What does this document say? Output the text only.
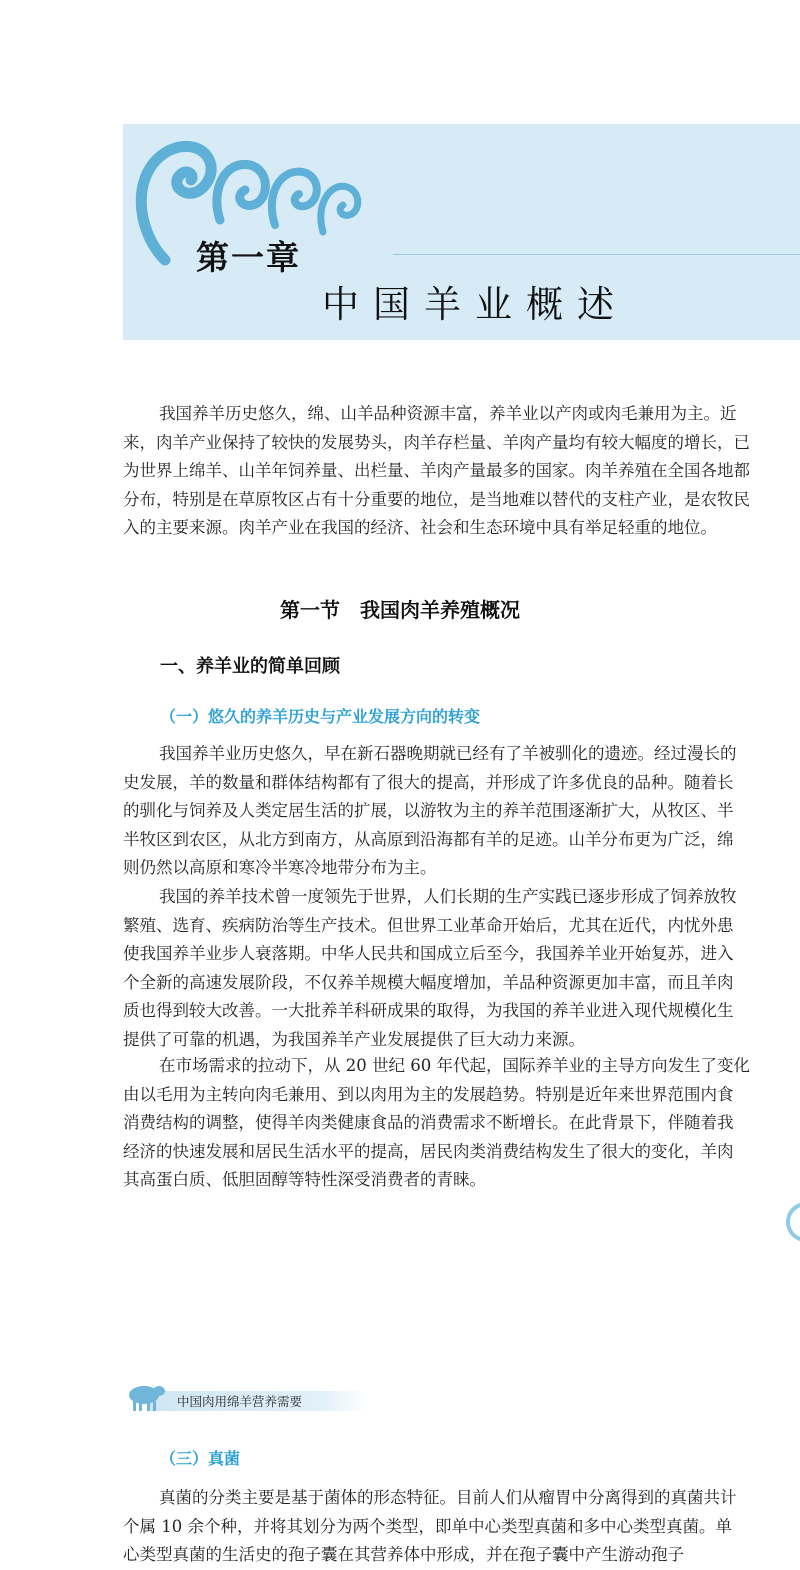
第一章
中国羊业概述

我国养羊历史悠久，绵、山羊品种资源丰富，养羊业以产肉或肉毛兼用为主。近
来，肉羊产业保持了较快的发展势头，肉羊存栏量、羊肉产量均有较大幅度的增长，已
为世界上绵羊、山羊年饲养量、出栏量、羊肉产量最多的国家。肉羊养殖在全国各地都
分布，特别是在草原牧区占有十分重要的地位，是当地难以替代的支柱产业，是农牧民
入的主要来源。肉羊产业在我国的经济、社会和生态环境中具有举足轻重的地位。

第一节　我国肉羊养殖概况
一、养羊业的简单回顾
（一）悠久的养羊历史与产业发展方向的转变

我国养羊业历史悠久，早在新石器晚期就已经有了羊被驯化的遗迹。经过漫长的
史发展，羊的数量和群体结构都有了很大的提高，并形成了许多优良的品种。随着长
的驯化与饲养及人类定居生活的扩展，以游牧为主的养羊范围逐渐扩大，从牧区、半
半牧区到农区，从北方到南方，从高原到沿海都有羊的足迹。山羊分布更为广泛，绵
则仍然以高原和寒冷半寒冷地带分布为主。

我国的养羊技术曾一度领先于世界，人们长期的生产实践已逐步形成了饲养放牧
繁殖、选育、疾病防治等生产技术。但世界工业革命开始后，尤其在近代，内忧外患
使我国养羊业步人衰落期。中华人民共和国成立后至今，我国养羊业开始复苏，进入
个全新的高速发展阶段，不仅养羊规模大幅度增加，羊品种资源更加丰富，而且羊肉
质也得到较大改善。一大批养羊科研成果的取得，为我国的养羊业进入现代规模化生
提供了可靠的机遇，为我国养羊产业发展提供了巨大动力来源。

在市场需求的拉动下，从 20 世纪 60 年代起，国际养羊业的主导方向发生了变化
由以毛用为主转向肉毛兼用、到以肉用为主的发展趋势。特别是近年来世界范围内食
消费结构的调整，使得羊肉类健康食品的消费需求不断增长。在此背景下，伴随着我
经济的快速发展和居民生活水平的提高，居民肉类消费结构发生了很大的变化，羊肉
其高蛋白质、低胆固醇等特性深受消费者的青睐。

中国肉用绵羊营养需要

（三）真菌

真菌的分类主要是基于菌体的形态特征。目前人们从瘤胃中分离得到的真菌共计
个属 10 余个种，并将其划分为两个类型，即单中心类型真菌和多中心类型真菌。单
心类型真菌的生活史的孢子囊在其营养体中形成，并在孢子囊中产生游动孢子
